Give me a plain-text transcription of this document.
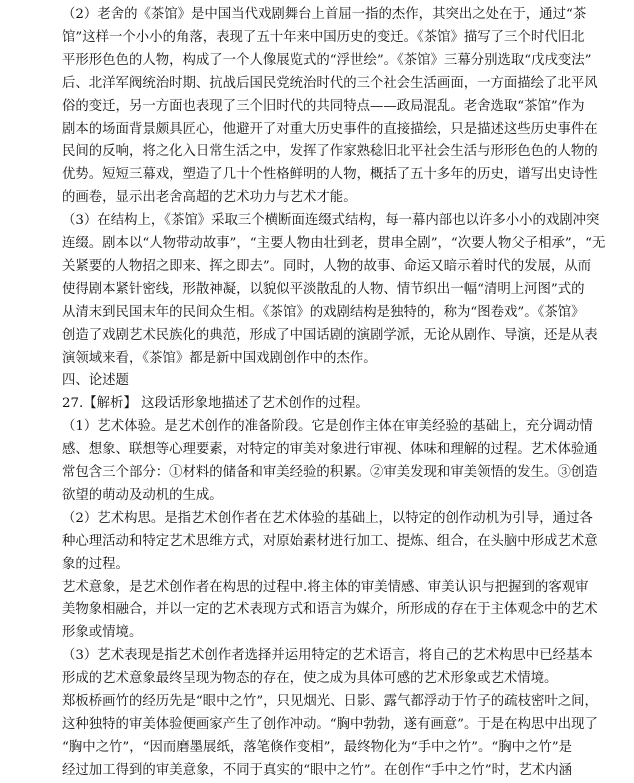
（2）老舍的《茶馆》是中国当代戏剧舞台上首屈一指的杰作，其突出之处在于，通过“茶
馆”这样一个小小的角落，表现了五十年来中国历史的变迁。《茶馆》描写了三个时代旧北
平形形色色的人物，构成了一个人像展览式的“浮世绘”。《茶馆》三幕分别选取“戊戌变法”
后、北洋军阀统治时期、抗战后国民党统治时代的三个社会生活画面，一方面描绘了北平风
俗的变迁，另一方面也表现了三个旧时代的共同特点——政局混乱。老舍选取“茶馆”作为
剧本的场面背景颇具匠心，他避开了对重大历史事件的直接描绘，只是描述这些历史事件在
民间的反响，将之化入日常生活之中，发挥了作家熟稔旧北平社会生活与形形色色的人物的
优势。短短三幕戏，塑造了几十个性格鲜明的人物，概括了五十多年的历史，谱写出史诗性
的画卷，显示出老舍高超的艺术功力与艺术才能。
（3）在结构上，《茶馆》采取三个横断面连缀式结构，每一幕内部也以许多小小的戏剧冲突
连缀。剧本以“人物带动故事”，“主要人物由壮到老，贯串全剧”，“次要人物父子相承”，“无
关紧要的人物招之即来、挥之即去”。同时，人物的故事、命运又暗示着时代的发展，从而
使得剧本紧针密线，形散神凝，以貌似平淡散乱的人物、情节织出一幅“清明上河图”式的
从清末到民国末年的民间众生相。《茶馆》的戏剧结构是独特的，称为“图卷戏”。《茶馆》
创造了戏剧艺术民族化的典范，形成了中国话剧的演剧学派，无论从剧作、导演，还是从表
演领域来看，《茶馆》都是新中国戏剧创作中的杰作。
四、论述题
27.【解析】 这段话形象地描述了艺术创作的过程。
（1）艺术体验。是艺术创作的准备阶段。它是创作主体在审美经验的基础上，充分调动情
感、想象、联想等心理要素，对特定的审美对象进行审视、体味和理解的过程。艺术体验通
常包含三个部分：①材料的储备和审美经验的积累。②审美发现和审美领悟的发生。③创造
欲望的萌动及动机的生成。
（2）艺术构思。是指艺术创作者在艺术体验的基础上，以特定的创作动机为引导，通过各
种心理活动和特定艺术思维方式，对原始素材进行加工、提炼、组合，在头脑中形成艺术意
象的过程。
艺术意象，是艺术创作者在构思的过程中.将主体的审美情感、审美认识与把握到的客观审
美物象相融合，并以一定的艺术表现方式和语言为媒介，所形成的存在于主体观念中的艺术
形象或情境。
（3）艺术表现是指艺术创作者选择并运用特定的艺术语言，将自己的艺术构思中已经基本
形成的艺术意象最终呈现为物态的存在，使之成为具体可感的艺术形象或艺术情境。
郑板桥画竹的经历先是“眼中之竹”，只见烟光、日影、露气都浮动于竹子的疏枝密叶之间，
这种独特的审美体验便画家产生了创作冲动。“胸中勃勃，遂有画意”。于是在构思中出现了
“胸中之竹”，“因而磨墨展纸，落笔倏作变相”，最终物化为“手中之竹”。“胸中之竹”是
经过加工得到的审美意象，不同于真实的“眼中之竹”。在创作“手中之竹”时，艺术内涵
